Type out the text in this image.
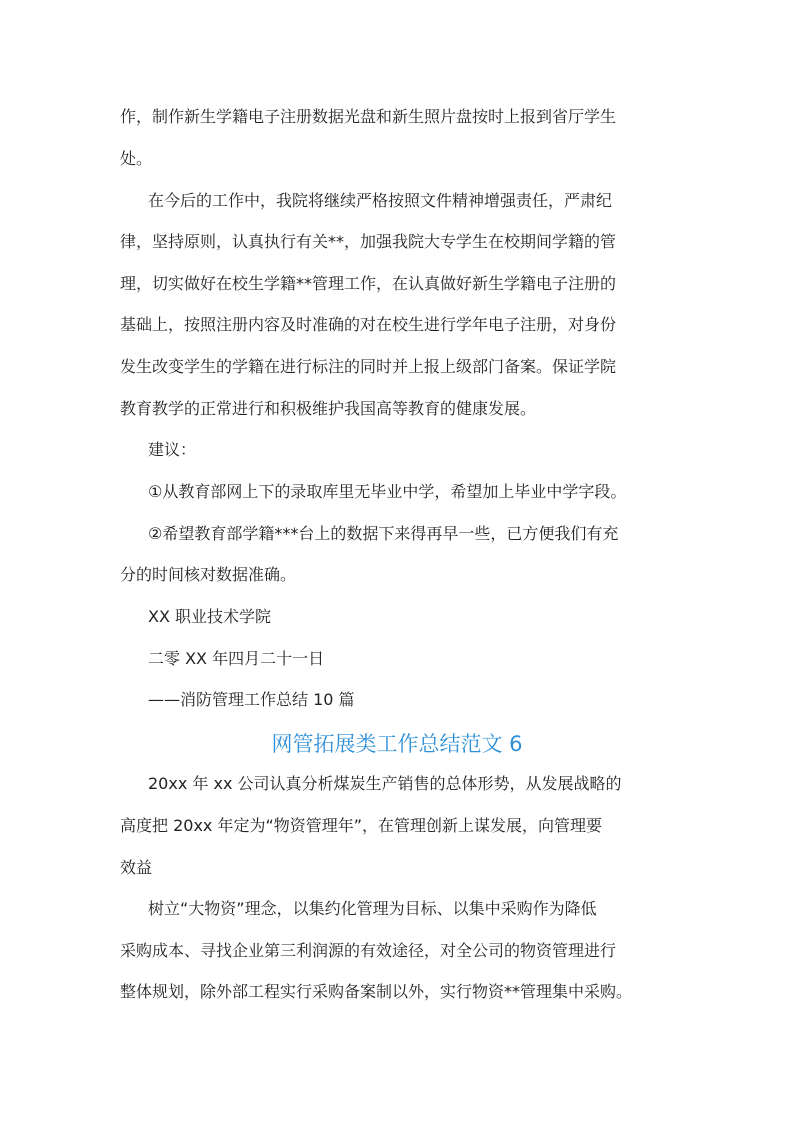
作，制作新生学籍电子注册数据光盘和新生照片盘按时上报到省厅学生
处。
在今后的工作中，我院将继续严格按照文件精神增强责任，严肃纪
律，坚持原则，认真执行有关**，加强我院大专学生在校期间学籍的管
理，切实做好在校生学籍**管理工作，在认真做好新生学籍电子注册的
基础上，按照注册内容及时准确的对在校生进行学年电子注册，对身份
发生改变学生的学籍在进行标注的同时并上报上级部门备案。保证学院
教育教学的正常进行和积极维护我国高等教育的健康发展。
建议：
①从教育部网上下的录取库里无毕业中学，希望加上毕业中学字段。
②希望教育部学籍***台上的数据下来得再早一些，已方便我们有充
分的时间核对数据准确。
XX 职业技术学院
二零 XX 年四月二十一日
——消防管理工作总结 10 篇
网管拓展类工作总结范文 6
20xx 年 xx 公司认真分析煤炭生产销售的总体形势，从发展战略的
高度把 20xx 年定为“物资管理年”，在管理创新上谋发展，向管理要
效益
树立“大物资”理念，以集约化管理为目标、以集中采购作为降低
采购成本、寻找企业第三利润源的有效途径，对全公司的物资管理进行
整体规划，除外部工程实行采购备案制以外，实行物资**管理集中采购。
